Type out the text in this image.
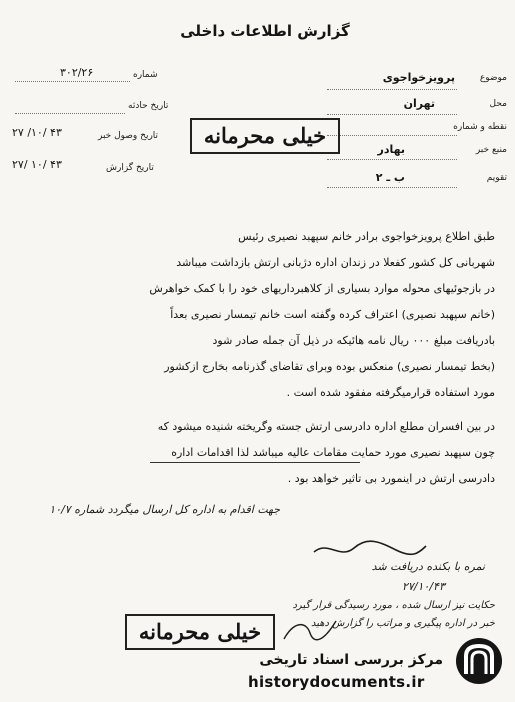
گزارش اطلاعات داخلی
موضوع
پرویزخواجوی
محل
تهران
نقطه و شماره
منبع خبر
بهادر
تقویم
ب ـ ۲
شماره
۳۰۲/۲۶
تاریخ حادثه
تاریخ وصول خبر
۲۷ /۱۰/ ۴۳
تاریخ گزارش
۲۷/ ۱۰/ ۴۳
خیلی محرمانه
طبق اطلاع پرویزخواجوی برادر خانم سپهبد نصیری رئیس
شهربانی کل کشور کفعلا در زندان اداره دژبانی ارتش بازداشت میباشد
در بازجوئیهای محوله موارد بسیاری از کلاهبرداریهای خود را با کمک خواهرش
(خانم سپهبد نصیری) اعتراف کرده وگفته است خانم تیمسار نصیری بعداً
بادریافت مبلغ ۰۰۰ ریال نامه هائیکه در ذیل آن جمله صادر شود
(بخط تیمسار نصیری) منعکس بوده وبرای تقاضای گذرنامه بخارج ازکشور
مورد استفاده قرارمیگرفته مفقود شده است .
در بین افسران مطلع اداره دادرسی ارتش جسته وگریخته شنیده میشود که
چون سپهبد نصیری مورد حمایت مقامات عالیه میباشد لذا اقدامات اداره
دادرسی ارتش در اینمورد بی تاثیر خواهد بود .
جهت اقدام به اداره کل ارسال میگردد شماره ۱۰/۷
نمره با بکنده دریافت شد
۲۷/۱۰/۴۳
حکایت نیز ارسال شده ، مورد رسیدگی قرار گیرد
خبر در اداره پیگیری و مراتب را گزارش دهید
خیلی محرمانه
مرکز بررسی اسناد تاریخی
historydocuments.ir
